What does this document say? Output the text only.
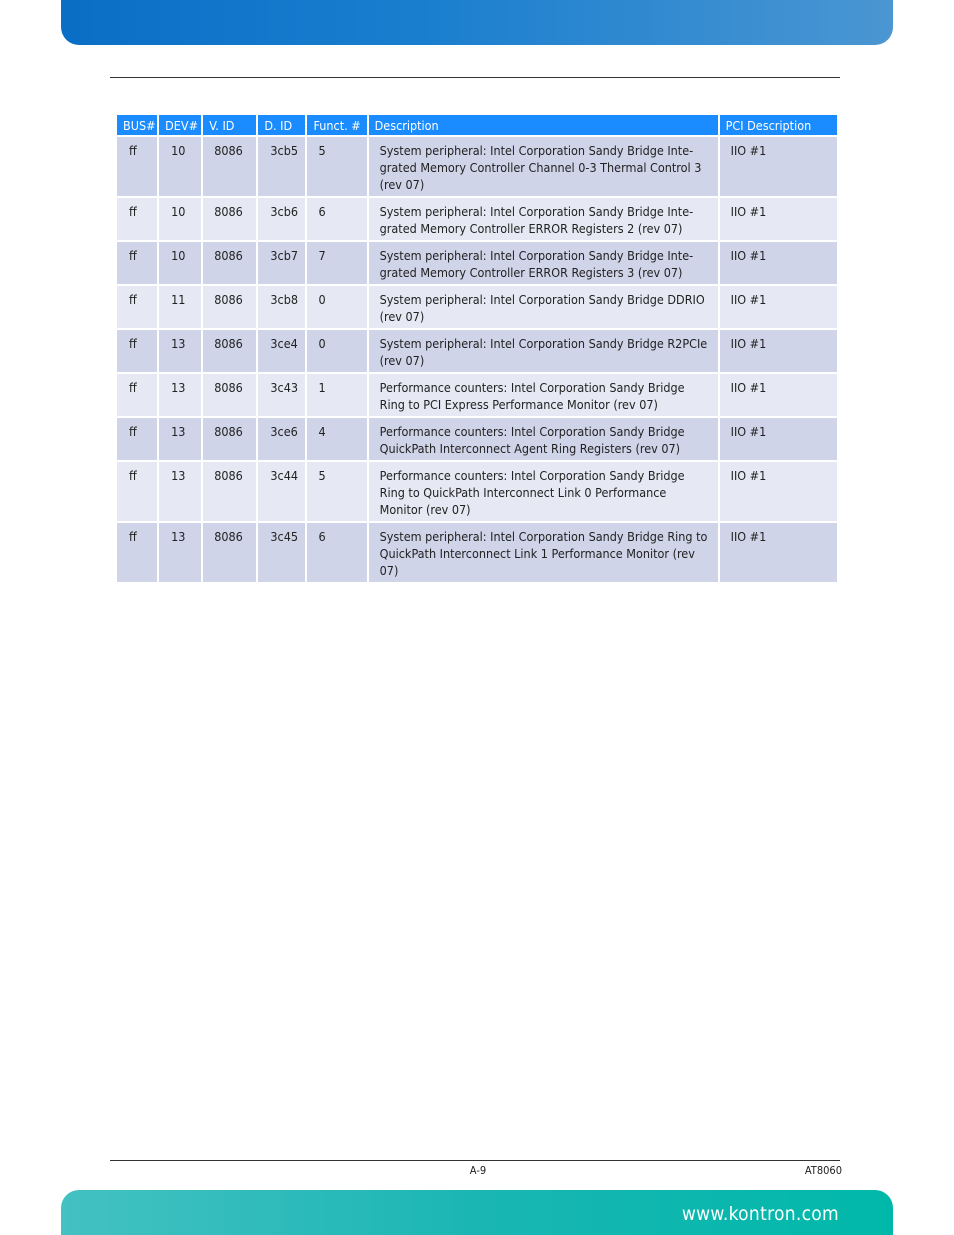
BUS#	DEV#	V. ID	D. ID	Funct. #	Description	PCI Description
ff	10	8086	3cb5	5	System peripheral: Intel Corporation Sandy Bridge Inte-grated Memory Controller Channel 0-3 Thermal Control 3 (rev 07)	IIO #1
ff	10	8086	3cb6	6	System peripheral: Intel Corporation Sandy Bridge Inte-grated Memory Controller ERROR Registers 2 (rev 07)	IIO #1
ff	10	8086	3cb7	7	System peripheral: Intel Corporation Sandy Bridge Inte-grated Memory Controller ERROR Registers 3 (rev 07)	IIO #1
ff	11	8086	3cb8	0	System peripheral: Intel Corporation Sandy Bridge DDRIO (rev 07)	IIO #1
ff	13	8086	3ce4	0	System peripheral: Intel Corporation Sandy Bridge R2PCIe (rev 07)	IIO #1
ff	13	8086	3c43	1	Performance counters: Intel Corporation Sandy Bridge Ring to PCI Express Performance Monitor (rev 07)	IIO #1
ff	13	8086	3ce6	4	Performance counters: Intel Corporation Sandy Bridge QuickPath Interconnect Agent Ring Registers (rev 07)	IIO #1
ff	13	8086	3c44	5	Performance counters: Intel Corporation Sandy Bridge Ring to QuickPath Interconnect Link 0 Performance Monitor (rev 07)	IIO #1
ff	13	8086	3c45	6	System peripheral: Intel Corporation Sandy Bridge Ring to QuickPath Interconnect Link 1 Performance Monitor (rev 07)	IIO #1
A-9	AT8060
www.kontron.com
